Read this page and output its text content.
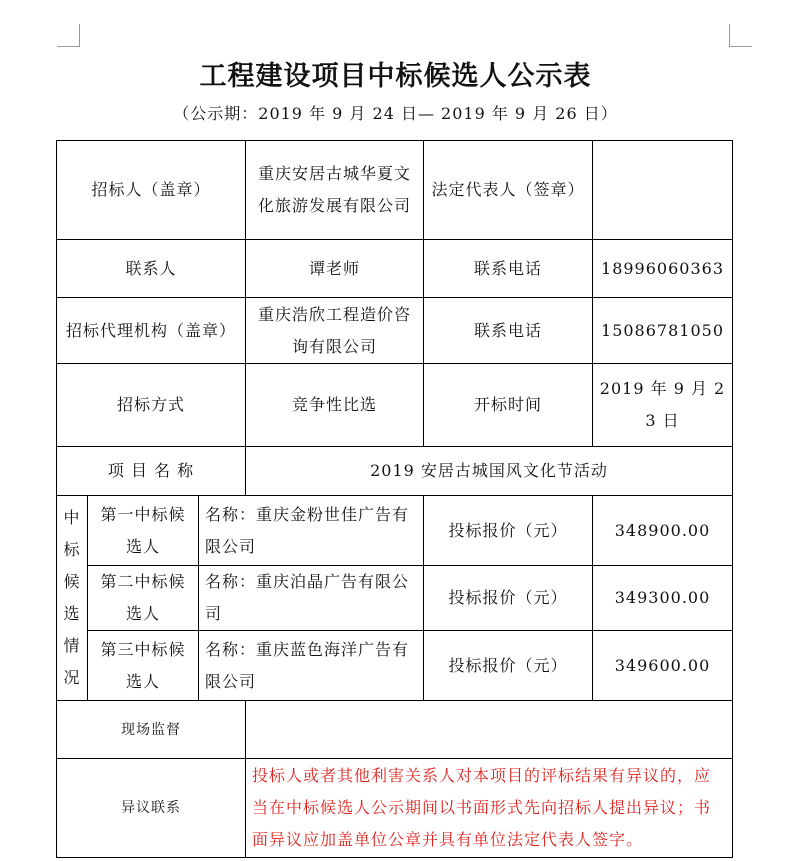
工程建设项目中标候选人公示表
（公示期：2019 年 9 月 24 日— 2019 年 9 月 26 日）
招标人（盖章）			重庆安居古城华夏文化旅游发展有限公司	法定代表人（签章）	
联系人			谭老师	联系电话	18996060363
招标代理机构（盖章）			重庆浩欣工程造价咨询有限公司	联系电话	15086781050
招标方式			竞争性比选	开标时间	2019 年 9 月 23 日
项 目 名 称			2019 安居古城国风文化节活动		
中标候选情况	第一中标候选人	名称：重庆金粉世佳广告有限公司		投标报价（元）	348900.00
	第二中标候选人	名称：重庆泊晶广告有限公司		投标报价（元）	349300.00
	第三中标候选人	名称：重庆蓝色海洋广告有限公司		投标报价（元）	349600.00
现场监督					
异议联系			投标人或者其他利害关系人对本项目的评标结果有异议的，应当在中标候选人公示期间以书面形式先向招标人提出异议；书面异议应加盖单位公章并具有单位法定代表人签字。		
